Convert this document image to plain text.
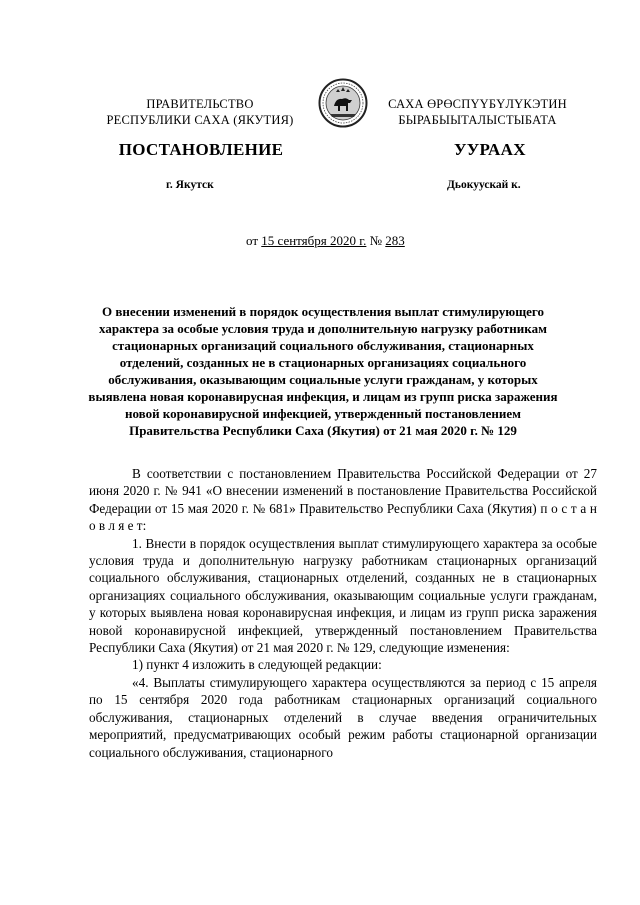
ПРАВИТЕЛЬСТВО
РЕСПУБЛИКИ САХА (ЯКУТИЯ)
САХА ӨРӨСПҮҮБҮЛҮКЭТИН
БЫРАБЫЫТАЛЫСТЫБАТА
ПОСТАНОВЛЕНИЕ	УУРААХ
г. Якутск	Дьокуускай к.
от 15 сентября 2020 г. № 283
О внесении изменений в порядок осуществления выплат стимулирующего характера за особые условия труда и дополнительную нагрузку работникам стационарных организаций социального обслуживания, стационарных отделений, созданных не в стационарных организациях социального обслуживания, оказывающим социальные услуги гражданам, у которых выявлена новая коронавирусная инфекция, и лицам из групп риска заражения новой коронавирусной инфекцией, утвержденный постановлением Правительства Республики Саха (Якутия) от 21 мая 2020 г. № 129

В соответствии с постановлением Правительства Российской Федерации от 27 июня 2020 г. № 941 «О внесении изменений в постановление Правительства Российской Федерации от 15 мая 2020 г. № 681» Правительство Республики Саха (Якутия) п о с т а н о в л я е т:

1. Внести в порядок осуществления выплат стимулирующего характера за особые условия труда и дополнительную нагрузку работникам стационарных организаций социального обслуживания, стационарных отделений, созданных не в стационарных организациях социального обслуживания, оказывающим социальные услуги гражданам, у которых выявлена новая коронавирусная инфекция, и лицам из групп риска заражения новой коронавирусной инфекцией, утвержденный постановлением Правительства Республики Саха (Якутия) от 21 мая 2020 г. № 129, следующие изменения:

1) пункт 4 изложить в следующей редакции:

«4. Выплаты стимулирующего характера осуществляются за период с 15 апреля по 15 сентября 2020 года работникам стационарных организаций социального обслуживания, стационарных отделений в случае введения ограничительных мероприятий, предусматривающих особый режим работы стационарной организации социального обслуживания, стационарного
